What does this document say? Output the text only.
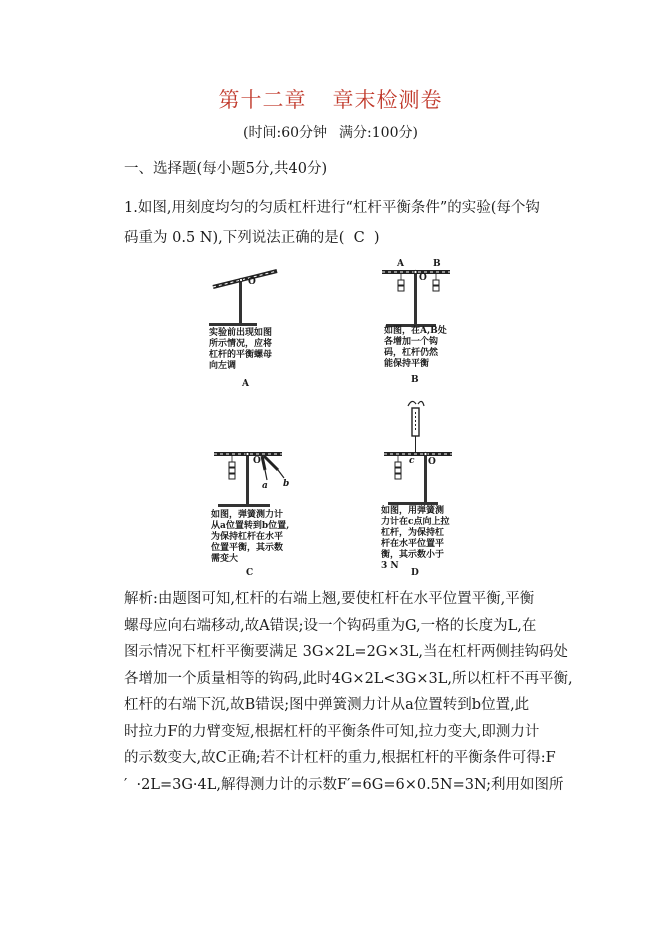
第十二章 章末检测卷
(时间:60分钟 满分:100分)
一、选择题(每小题5分,共40分)
1.如图,用刻度均匀的匀质杠杆进行“杠杆平衡条件”的实验(每个钩
码重为 0.5 N),下列说法正确的是(  C  )
O
实验前出现如图
所示情况，应将
杠杆的平衡螺母
向左调
A
A
O
B
如图，在A,B处
各增加一个钩
码，杠杆仍然
能保持平衡
B
O
a b
如图，弹簧测力计
从a位置转到b位置,
为保持杠杆在水平
位置平衡，其示数
需变大
C
c O
如图，用弹簧测
力计在c点向上拉
杠杆，为保持杠
杆在水平位置平
衡，其示数小于
3 N
D
解析:由题图可知,杠杆的右端上翘,要使杠杆在水平位置平衡,平衡
螺母应向右端移动,故A错误;设一个钩码重为G,一格的长度为L,在
图示情况下杠杆平衡要满足 3G×2L=2G×3L,当在杠杆两侧挂钩码处
各增加一个质量相等的钩码,此时4G×2L<3G×3L,所以杠杆不再平衡,
杠杆的右端下沉,故B错误;图中弹簧测力计从a位置转到b位置,此
时拉力F的力臂变短,根据杠杆的平衡条件可知,拉力变大,即测力计
的示数变大,故C正确;若不计杠杆的重力,根据杠杆的平衡条件可得:F
′  ·2L=3G·4L,解得测力计的示数F′=6G=6×0.5N=3N;利用如图所
